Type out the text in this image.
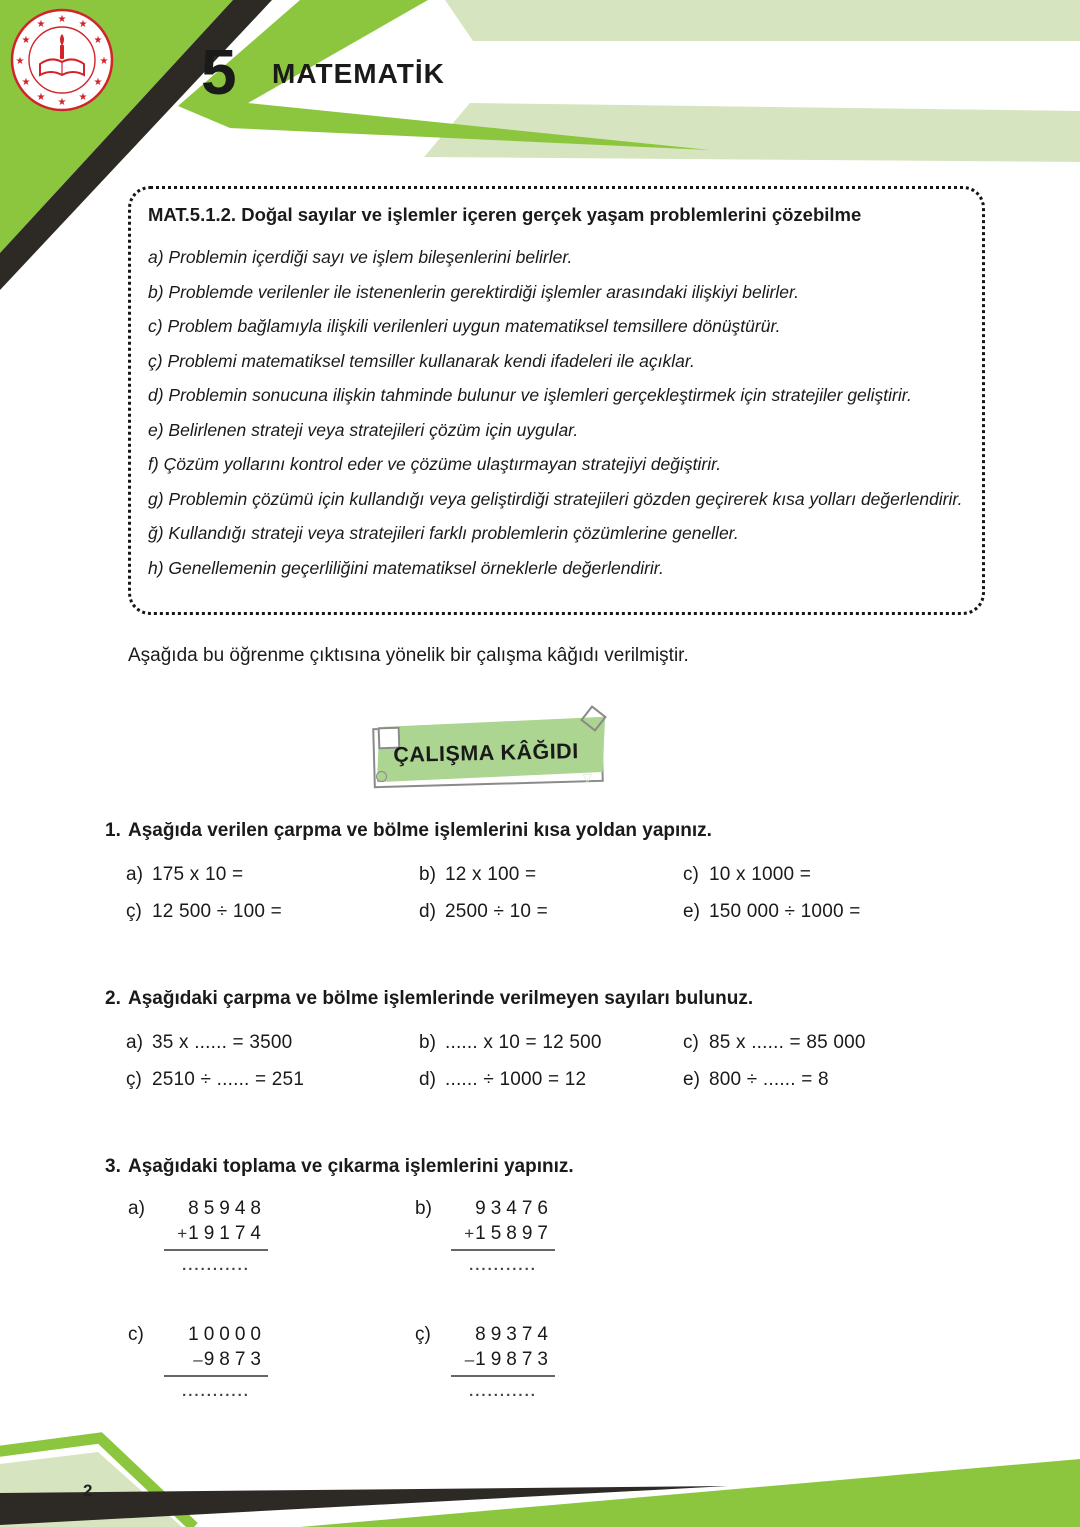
★ ★
★
★
★
★
★
★
★
★
★
★
5 MATEMATİK
MAT.5.1.2. Doğal sayılar ve işlemler içeren gerçek yaşam problemlerini çözebilme
a) Problemin içerdiği sayı ve işlem bileşenlerini belirler.
b) Problemde verilenler ile istenenlerin gerektirdiği işlemler arasındaki ilişkiyi belirler.
c) Problem bağlamıyla ilişkili verilenleri uygun matematiksel temsillere dönüştürür.
ç) Problemi matematiksel temsiller kullanarak kendi ifadeleri ile açıklar.
d) Problemin sonucuna ilişkin tahminde bulunur ve işlemleri gerçekleştirmek için stratejiler geliştirir.
e) Belirlenen strateji veya stratejileri çözüm için uygular.
f) Çözüm yollarını kontrol eder ve çözüme ulaştırmayan stratejiyi değiştirir.
g) Problemin çözümü için kullandığı veya geliştirdiği stratejileri gözden geçirerek kısa yolları değerlendirir.
ğ) Kullandığı strateji veya stratejileri farklı problemlerin çözümlerine geneller.
h) Genellemenin geçerliliğini matematiksel örneklerle değerlendirir.
Aşağıda bu öğrenme çıktısına yönelik bir çalışma kâğıdı verilmiştir.
▽
ÇALIŞMA KÂĞIDI
1. Aşağıda verilen çarpma ve bölme işlemlerini kısa yoldan yapınız.
a) 175 x 10 =	b) 12 x 100 =	c) 10 x 1000 =
ç) 12 500 ÷ 100 =	d) 2500 ÷ 10 =	e) 150 000 ÷ 1000 =
2. Aşağıdaki çarpma ve bölme işlemlerinde verilmeyen sayıları bulunuz.
a) 35 x ...... = 3500	b) ...... x 10 = 12 500	c) 85 x ...... = 85 000
ç) 2510 ÷ ...... = 251	d) ...... ÷ 1000 = 12	e) 800 ÷ ...... = 8
3. Aşağıdaki toplama ve çıkarma işlemlerini yapınız.
a)	85948
+ 19174
...........
b)	93476
+ 15897
...........
c)	10000
– 9873
...........
ç)	89374
– 19873
...........
2
